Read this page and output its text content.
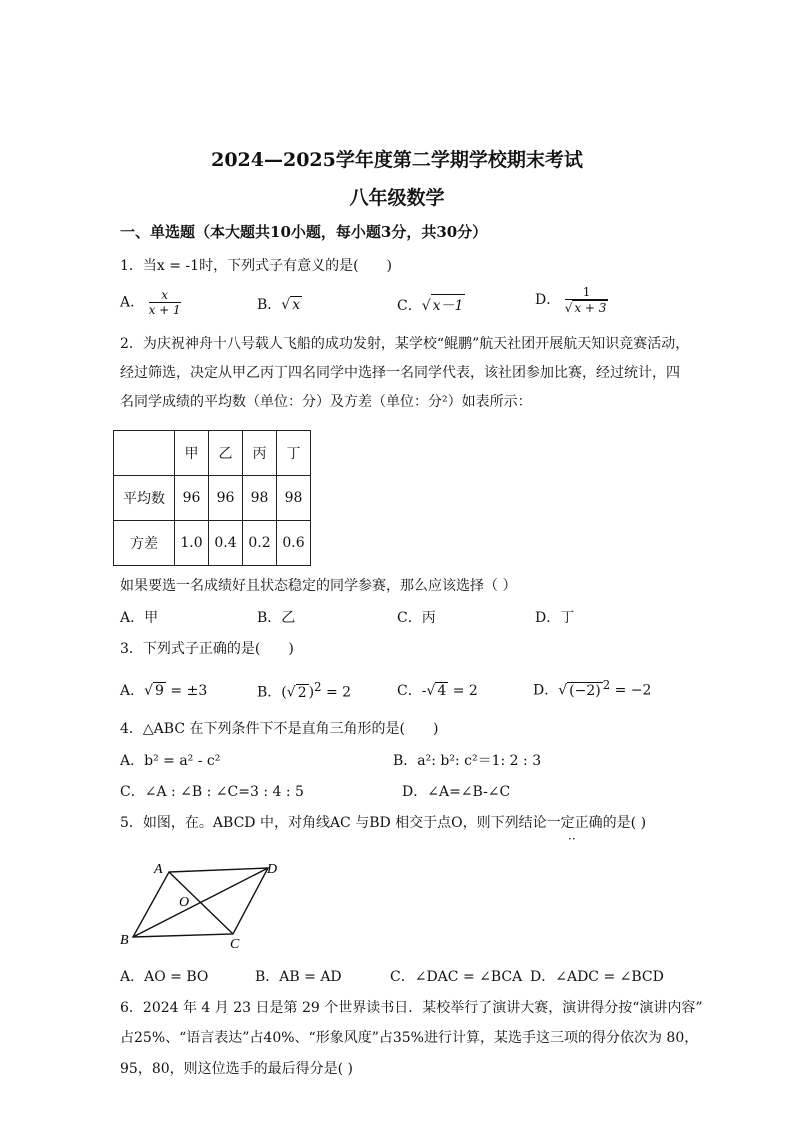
2024—2025学年度第二学期学校期末考试
八年级数学
一、单选题（本大题共10小题，每小题3分，共30分）
1．当x = -1时，下列式子有意义的是(　　)
A． $\frac{x}{x + 1}$	B．√ x	C．√ x－1	D． $\frac{1}{√ x + 3}$
2．为庆祝神舟十八号载人飞船的成功发射，某学校“鲲鹏”航天社团开展航天知识竞赛活动，
经过筛选，决定从甲乙丙丁四名同学中选择一名同学代表，该社团参加比赛，经过统计，四
名同学成绩的平均数（单位：分）及方差（单位：分²）如表所示：
	甲	乙	丙	丁
平均数	96	96	98	98
方差	1.0	0.4	0.2	0.6
如果要选一名成绩好且状态稳定的同学参赛，那么应该选择（ ）
A．甲	B．乙	C．丙	D．丁
3．下列式子正确的是(　　)
A．√ 9 = ±3	B．(√ 2 )$^2$ = 2	C．-√ 4 = 2	D．√ (−2) $^2$ = −2
4．△ABC 在下列条件下不是直角三角形的是(　　)
A．b² = a² - c²	B．a²: b²: c²＝1: 2 : 3
C．∠A : ∠B : ∠C=3 : 4 : 5	D．∠A=∠B-∠C
5．如图，在。ABCD 中，对角线AC 与BD 相交于点O，则下列结论一定正确的是( )
··
A
B	C
D
O
A．AO = BO	B．AB = AD	C．∠DAC = ∠BCA D．∠ADC = ∠BCD
6．2024 年 4 月 23 日是第 29 个世界读书日．某校举行了演讲大赛，演讲得分按“演讲内容”
占25%、“语言表达”占40%、“形象风度”占35%进行计算，某选手这三项的得分依次为 80，
95，80，则这位选手的最后得分是( )
